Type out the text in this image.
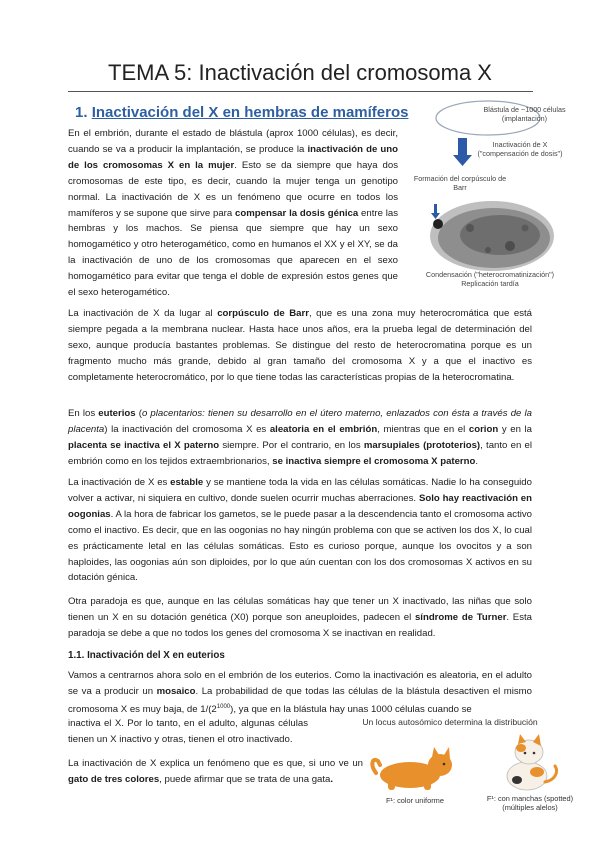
TEMA 5: Inactivación del cromosoma X
1. Inactivación del X en hembras de mamíferos

En el embrión, durante el estado de blástula (aprox 1000 células), es decir, cuando se va a producir la implantación, se produce la inactivación de uno de los cromosomas X en la mujer. Esto se da siempre que haya dos cromosomas de este tipo, es decir, cuando la mujer tenga un genotipo normal. La inactivación de X es un fenómeno que ocurre en todos los mamíferos y se supone que sirve para compensar la dosis génica entre las hembras y los machos. Se piensa que siempre que hay un sexo homogamético y otro heterogamético, como en humanos el XX y el XY, se da la inactivación de uno de los cromosomas que aparecen en el sexo homogamético para evitar que tenga el doble de expresión estos genes que el sexo heterogamético.

Blástula de ~1000 células (implantación)
Inactivación de X ("compensación de dosis")
Formación del corpúsculo de Barr
Condensación ("heterocromatinización") Replicación tardía

La inactivación de X da lugar al corpúsculo de Barr, que es una zona muy heterocromática que está siempre pegada a la membrana nuclear. Hasta hace unos años, era la prueba legal de determinación del sexo, aunque producía bastantes problemas. Se distingue del resto de heterocromatina porque es un fragmento mucho más grande, debido al gran tamaño del cromosoma X y a que el inactivo es completamente heterocromático, por lo que tiene todas las características propias de la heterocromatina.

En los euterios (o placentarios: tienen su desarrollo en el útero materno, enlazados con ésta a través de la placenta) la inactivación del cromosoma X es aleatoria en el embrión, mientras que en el corion y en la placenta se inactiva el X paterno siempre. Por el contrario, en los marsupiales (prototerios), tanto en el embrión como en los tejidos extraembrionarios, se inactiva siempre el cromosoma X paterno.

La inactivación de X es estable y se mantiene toda la vida en las células somáticas. Nadie lo ha conseguido volver a activar, ni siquiera en cultivo, donde suelen ocurrir muchas aberraciones. Solo hay reactivación en oogonias. A la hora de fabricar los gametos, se le puede pasar a la descendencia tanto el cromosoma activo como el inactivo. Es decir, que en las oogonias no hay ningún problema con que se activen los dos X, lo cual es prácticamente letal en las células somáticas. Esto es curioso porque, aunque los ovocitos y a son haploides, las oogonias aún son diploides, por lo que aún cuentan con los dos cromosomas X activos en su dotación génica.

Otra paradoja es que, aunque en las células somáticas hay que tener un X inactivado, las niñas que solo tienen un X en su dotación genética (X0) porque son aneuploides, padecen el síndrome de Turner. Esta paradoja se debe a que no todos los genes del cromosoma X se inactivan en realidad.

1.1. Inactivación del X en euterios

Vamos a centrarnos ahora solo en el embrión de los euterios. Como la inactivación es aleatoria, en el adulto se va a producir un mosaico. La probabilidad de que todas las células de la blástula desactiven el mismo cromosoma X es muy baja, de $1/(2^{1000})$, ya que en la blástula hay unas 1000 células cuando se

inactiva el X. Por lo tanto, en el adulto, algunas células tienen un X inactivo y otras, tienen el otro inactivado.

La inactivación de X explica un fenómeno que es que, si uno ve un gato de tres colores, puede afirmar que se trata de una gata.

Un locus autosómico determina la distribución
F¹: color uniforme	F¹: con manchas (spotted) (múltiples alelos)
